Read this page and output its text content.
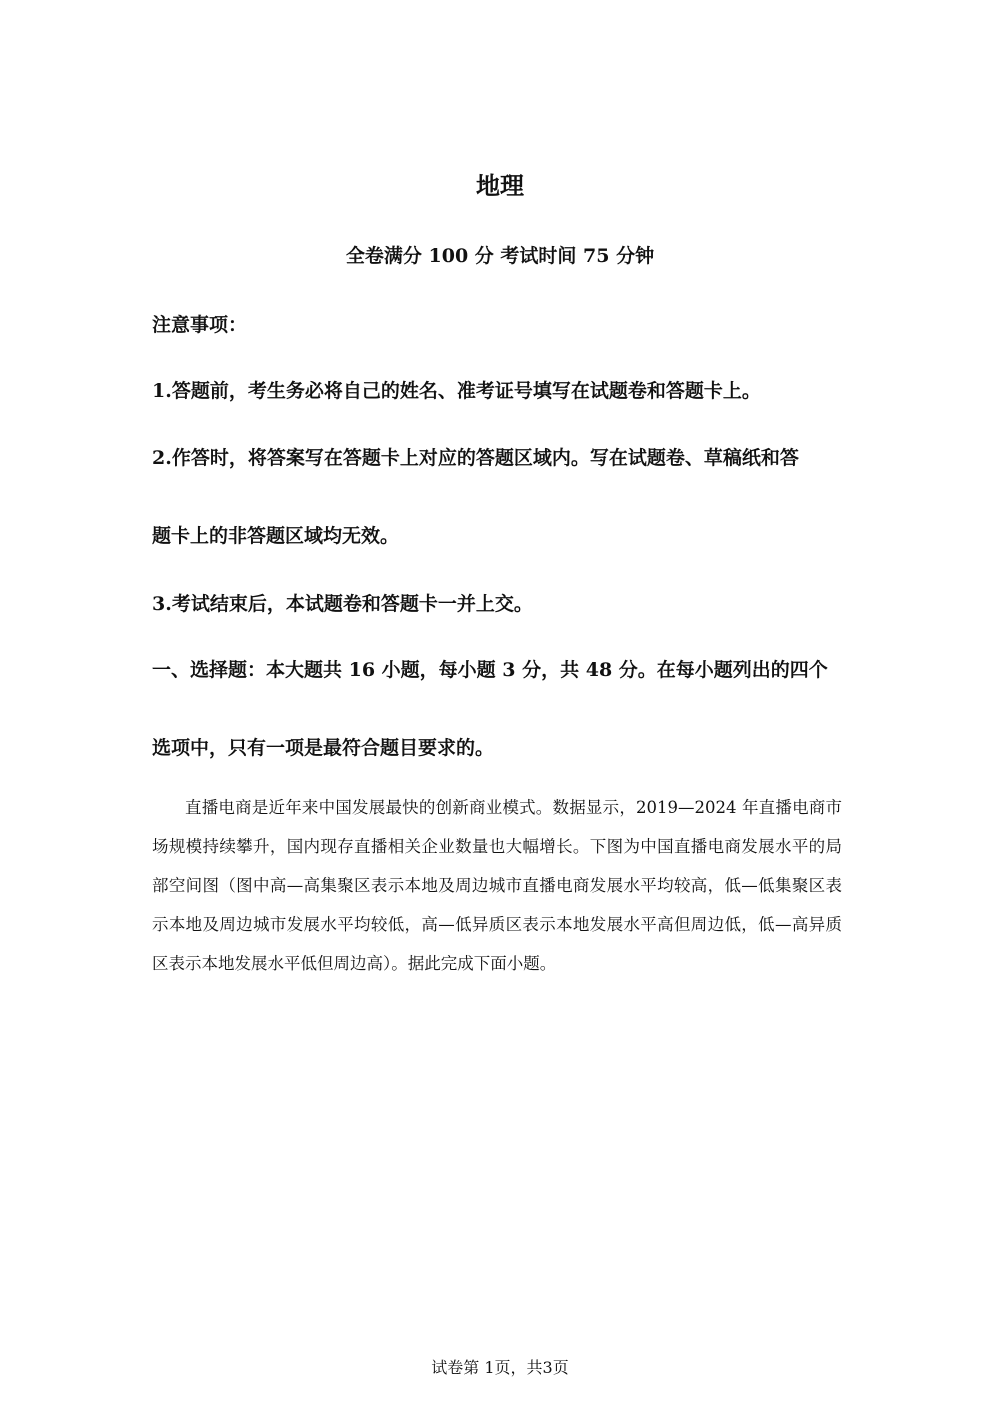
地理
全卷满分 100 分 考试时间 75 分钟
注意事项：
1.答题前，考生务必将自己的姓名、准考证号填写在试题卷和答题卡上。
2.作答时，将答案写在答题卡上对应的答题区域内。写在试题卷、草稿纸和答
题卡上的非答题区域均无效。
3.考试结束后，本试题卷和答题卡一并上交。
一、选择题：本大题共 16 小题，每小题 3 分，共 48 分。在每小题列出的四个
选项中，只有一项是最符合题目要求的。
直播电商是近年来中国发展最快的创新商业模式。数据显示，2019—2024 年直播电商市场规模持续攀升，国内现存直播相关企业数量也大幅增长。下图为中国直播电商发展水平的局部空间图（图中高—高集聚区表示本地及周边城市直播电商发展水平均较高，低—低集聚区表示本地及周边城市发展水平均较低，高—低异质区表示本地发展水平高但周边低，低—高异质区表示本地发展水平低但周边高）。据此完成下面小题。
试卷第 1页，共3页
